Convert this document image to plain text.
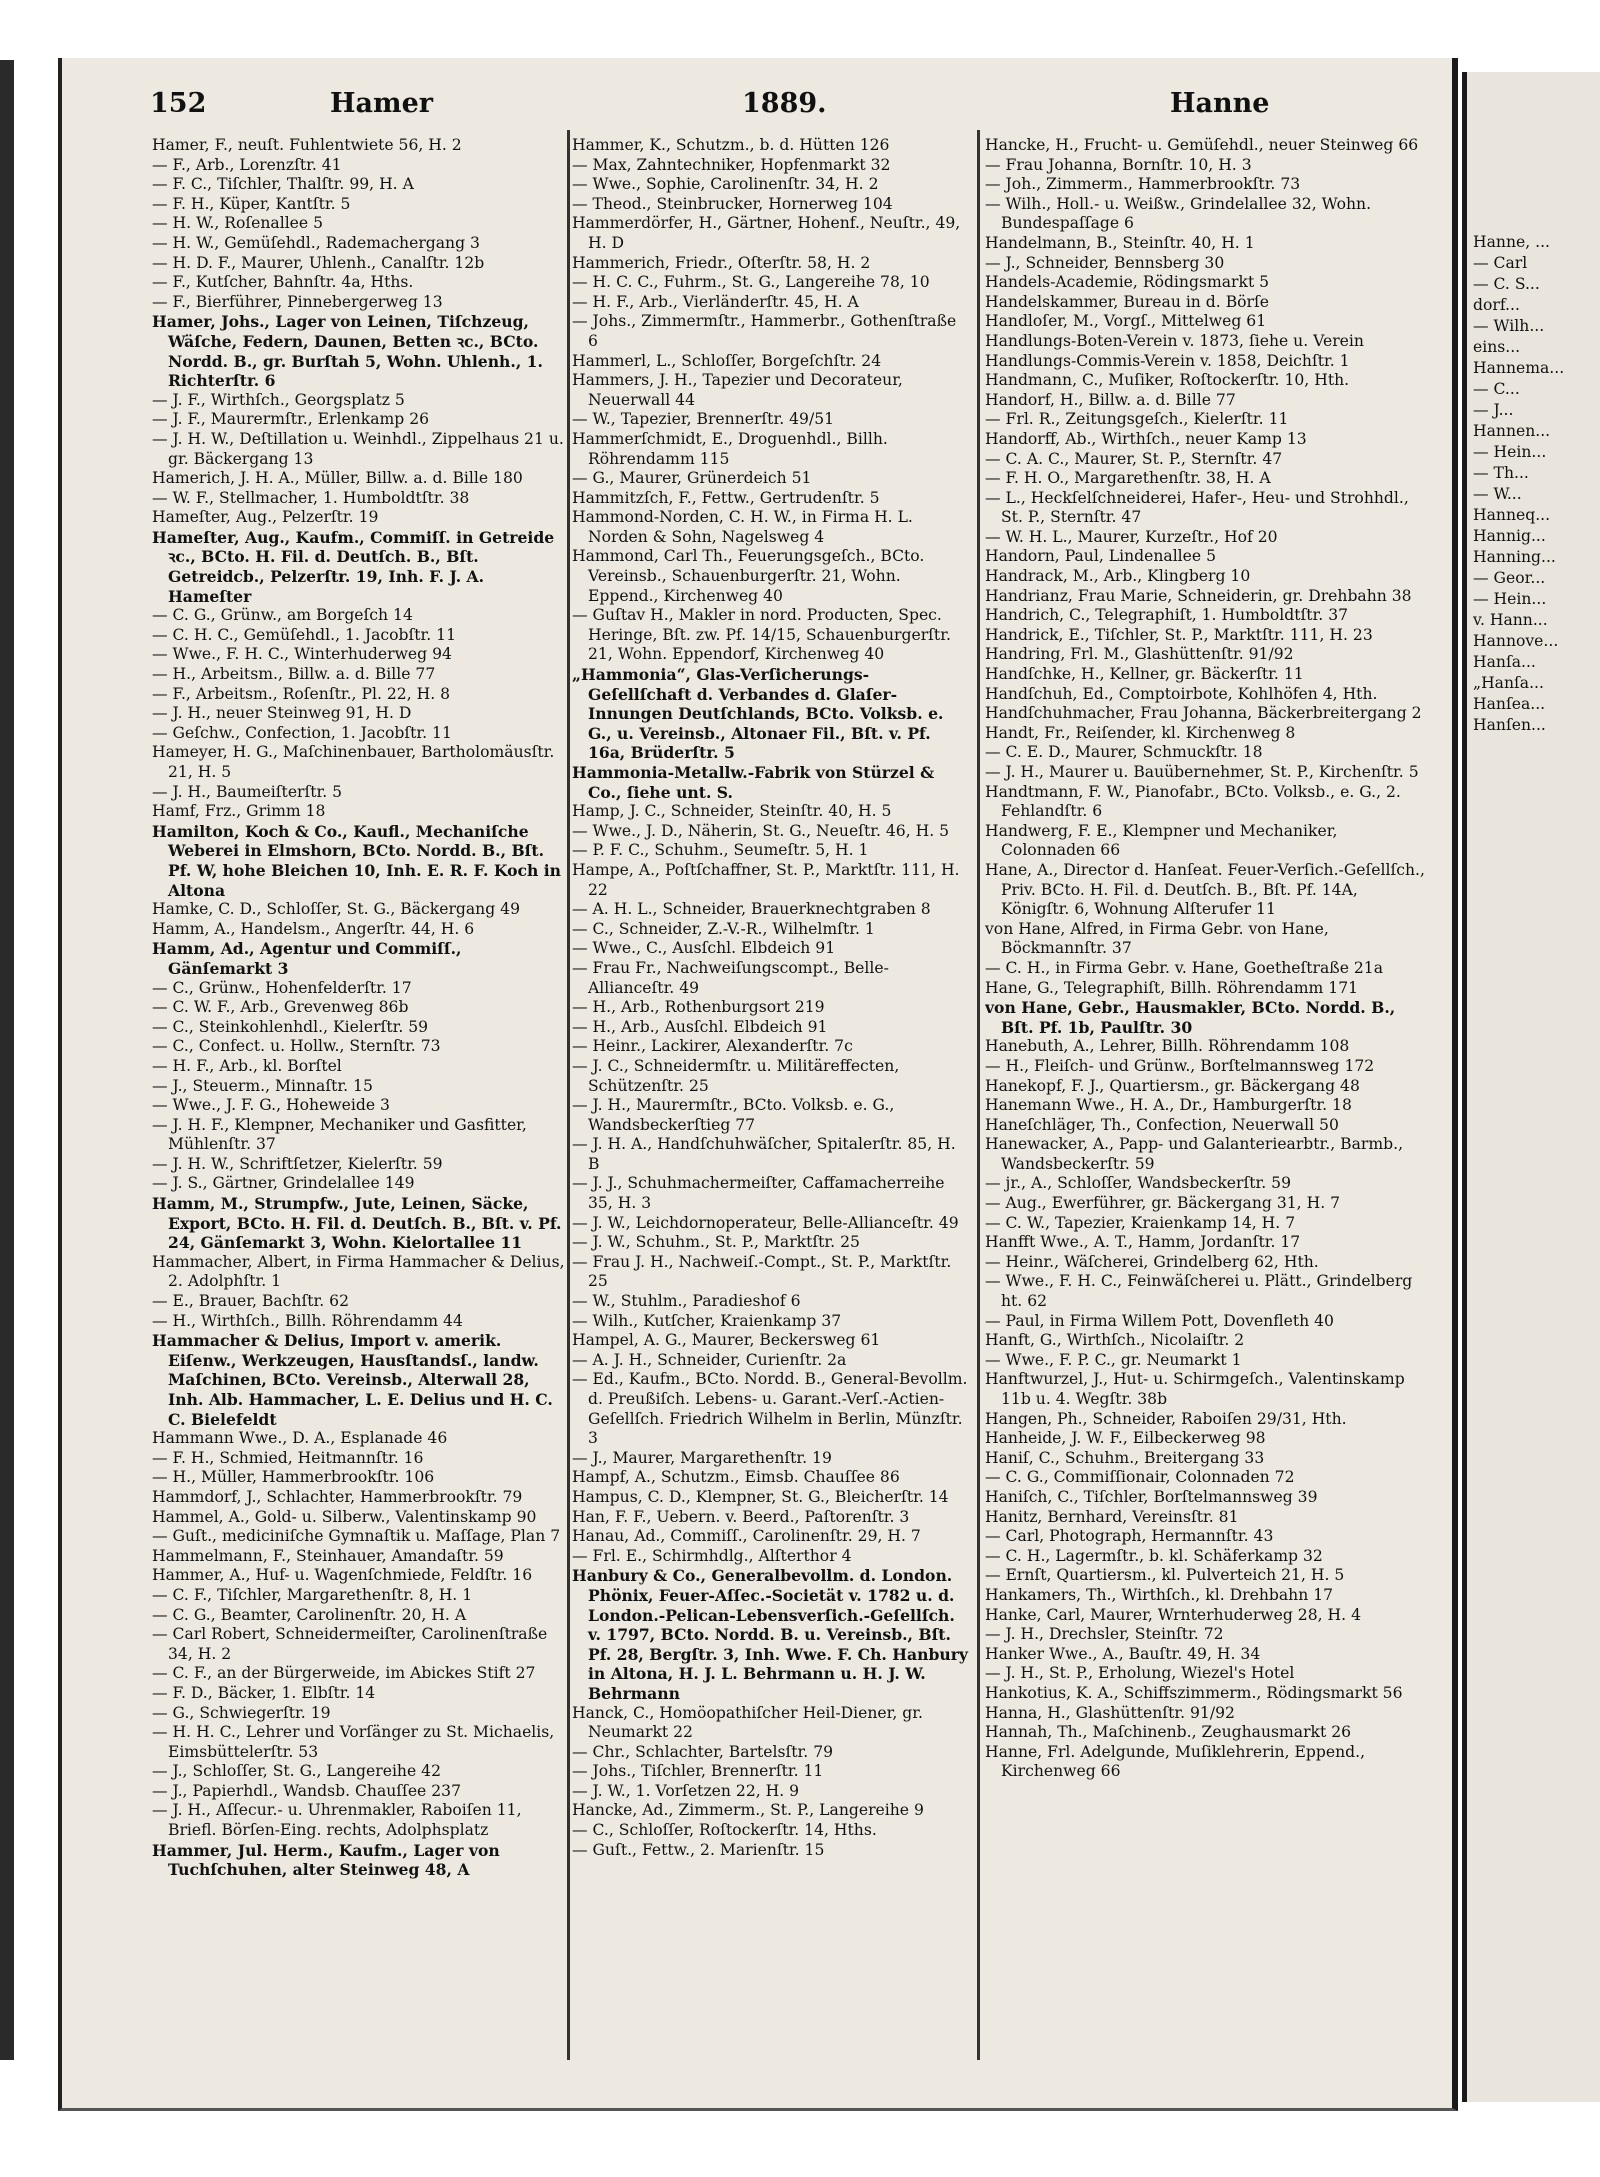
152	Hamer	1889.	Hanne

Hamer, F., neuſt. Fuhlentwiete 56, H. 2

— F., Arb., Lorenzſtr. 41

— F. C., Tiſchler, Thalſtr. 99, H. A

— F. H., Küper, Kantſtr. 5

— H. W., Roſenallee 5

— H. W., Gemüſehdl., Rademachergang 3

— H. D. F., Maurer, Uhlenh., Canalſtr. 12b

— F., Kutſcher, Bahnſtr. 4a, Hths.

— F., Bierführer, Pinnebergerweg 13

Hamer, Johs., Lager von Leinen, Tiſchzeug, Wäſche, Federn, Daunen, Betten ꝛc., BCto. Nordd. B., gr. Burſtah 5, Wohn. Uhlenh., 1. Richterſtr. 6

— J. F., Wirthſch., Georgsplatz 5

— J. F., Maurermſtr., Erlenkamp 26

— J. H. W., Deſtillation u. Weinhdl., Zippelhaus 21 u. gr. Bäckergang 13

Hamerich, J. H. A., Müller, Billw. a. d. Bille 180

— W. F., Stellmacher, 1. Humboldtſtr. 38

Hameſter, Aug., Pelzerſtr. 19

Hameſter, Aug., Kaufm., Commiſſ. in Getreide ꝛc., BCto. H. Fil. d. Deutſch. B., Bſt. Getreidcb., Pelzerſtr. 19, Inh. F. J. A. Hameſter

— C. G., Grünw., am Borgeſch 14

— C. H. C., Gemüſehdl., 1. Jacobſtr. 11

— Wwe., F. H. C., Winterhuderweg 94

— H., Arbeitsm., Billw. a. d. Bille 77

— F., Arbeitsm., Roſenſtr., Pl. 22, H. 8

— J. H., neuer Steinweg 91, H. D

— Geſchw., Confection, 1. Jacobſtr. 11

Hameyer, H. G., Maſchinenbauer, Bartholomäusſtr. 21, H. 5

— J. H., Baumeiſterſtr. 5

Hamf, Frz., Grimm 18

Hamilton, Koch & Co., Kaufl., Mechaniſche Weberei in Elmshorn, BCto. Nordd. B., Bſt. Pf. W, hohe Bleichen 10, Inh. E. R. F. Koch in Altona

Hamke, C. D., Schloſſer, St. G., Bäckergang 49

Hamm, A., Handelsm., Angerſtr. 44, H. 6

Hamm, Ad., Agentur und Commiſſ., Gänſemarkt 3

— C., Grünw., Hohenfelderſtr. 17

— C. W. F., Arb., Grevenweg 86b

— C., Steinkohlenhdl., Kielerſtr. 59

— C., Confect. u. Hollw., Sternſtr. 73

— H. F., Arb., kl. Borſtel

— J., Steuerm., Minnaſtr. 15

— Wwe., J. F. G., Hoheweide 3

— J. H. F., Klempner, Mechaniker und Gasfitter, Mühlenſtr. 37

— J. H. W., Schriftſetzer, Kielerſtr. 59

— J. S., Gärtner, Grindelallee 149

Hamm, M., Strumpfw., Jute, Leinen, Säcke, Export, BCto. H. Fil. d. Deutſch. B., Bſt. v. Pf. 24, Gänſemarkt 3, Wohn. Kielortallee 11

Hammacher, Albert, in Firma Hammacher & Delius, 2. Adolphſtr. 1

— E., Brauer, Bachſtr. 62

— H., Wirthſch., Billh. Röhrendamm 44

Hammacher & Delius, Import v. amerik. Eiſenw., Werkzeugen, Hausſtandsſ., landw. Maſchinen, BCto. Vereinsb., Alterwall 28, Inh. Alb. Hammacher, L. E. Delius und H. C. C. Bielefeldt

Hammann Wwe., D. A., Esplanade 46

— F. H., Schmied, Heitmannſtr. 16

— H., Müller, Hammerbrookſtr. 106

Hammdorf, J., Schlachter, Hammerbrookſtr. 79

Hammel, A., Gold- u. Silberw., Valentinskamp 90

— Guſt., mediciniſche Gymnaſtik u. Maſſage, Plan 7

Hammelmann, F., Steinhauer, Amandaſtr. 59

Hammer, A., Huf- u. Wagenſchmiede, Feldſtr. 16

— C. F., Tiſchler, Margarethenſtr. 8, H. 1

— C. G., Beamter, Carolinenſtr. 20, H. A

— Carl Robert, Schneidermeiſter, Carolinenſtraße 34, H. 2

— C. F., an der Bürgerweide, im Abickes Stift 27

— F. D., Bäcker, 1. Elbſtr. 14

— G., Schwiegerſtr. 19

— H. H. C., Lehrer und Vorſänger zu St. Michaelis, Eimsbüttelerſtr. 53

— J., Schloſſer, St. G., Langereihe 42

— J., Papierhdl., Wandsb. Chauſſee 237

— J. H., Aſſecur.- u. Uhrenmakler, Raboiſen 11, Briefl. Börſen-Eing. rechts, Adolphsplatz

Hammer, Jul. Herm., Kaufm., Lager von Tuchſchuhen, alter Steinweg 48, A

Hammer, K., Schutzm., b. d. Hütten 126

— Max, Zahntechniker, Hopfenmarkt 32

— Wwe., Sophie, Carolinenſtr. 34, H. 2

— Theod., Steinbrucker, Hornerweg 104

Hammerdörfer, H., Gärtner, Hohenf., Neuſtr., 49, H. D

Hammerich, Friedr., Oſterſtr. 58, H. 2

— H. C. C., Fuhrm., St. G., Langereihe 78, 10

— H. F., Arb., Vierländerſtr. 45, H. A

— Johs., Zimmermſtr., Hammerbr., Gothenſtraße 6

Hammerl, L., Schloſſer, Borgeſchſtr. 24

Hammers, J. H., Tapezier und Decorateur, Neuerwall 44

— W., Tapezier, Brennerſtr. 49/51

Hammerſchmidt, E., Droguenhdl., Billh. Röhrendamm 115

— G., Maurer, Grünerdeich 51

Hammitzſch, F., Fettw., Gertrudenſtr. 5

Hammond-Norden, C. H. W., in Firma H. L. Norden & Sohn, Nagelsweg 4

Hammond, Carl Th., Feuerungsgeſch., BCto. Vereinsb., Schauenburgerſtr. 21, Wohn. Eppend., Kirchenweg 40

— Guſtav H., Makler in nord. Producten, Spec. Heringe, Bſt. zw. Pf. 14/15, Schauenburgerſtr. 21, Wohn. Eppendorf, Kirchenweg 40

„Hammonia“, Glas-Verſicherungs-Geſellſchaft d. Verbandes d. Glaſer-Innungen Deutſchlands, BCto. Volksb. e. G., u. Vereinsb., Altonaer Fil., Bſt. v. Pf. 16a, Brüderſtr. 5

Hammonia-Metallw.-Fabrik von Stürzel & Co., ſiehe unt. S.

Hamp, J. C., Schneider, Steinſtr. 40, H. 5

— Wwe., J. D., Näherin, St. G., Neueſtr. 46, H. 5

— P. F. C., Schuhm., Seumeſtr. 5, H. 1

Hampe, A., Poſtſchaffner, St. P., Marktſtr. 111, H. 22

— A. H. L., Schneider, Brauerknechtgraben 8

— C., Schneider, Z.-V.-R., Wilhelmſtr. 1

— Wwe., C., Ausſchl. Elbdeich 91

— Frau Fr., Nachweiſungscompt., Belle-Allianceſtr. 49

— H., Arb., Rothenburgsort 219

— H., Arb., Ausſchl. Elbdeich 91

— Heinr., Lackirer, Alexanderſtr. 7c

— J. C., Schneidermſtr. u. Militäreffecten, Schützenſtr. 25

— J. H., Maurermſtr., BCto. Volksb. e. G., Wandsbeckerſtieg 77

— J. H. A., Handſchuhwäſcher, Spitalerſtr. 85, H. B

— J. J., Schuhmachermeiſter, Caffamacherreihe 35, H. 3

— J. W., Leichdornoperateur, Belle-Allianceſtr. 49

— J. W., Schuhm., St. P., Marktſtr. 25

— Frau J. H., Nachweiſ.-Compt., St. P., Marktſtr. 25

— W., Stuhlm., Paradieshof 6

— Wilh., Kutſcher, Kraienkamp 37

Hampel, A. G., Maurer, Beckersweg 61

— A. J. H., Schneider, Curienſtr. 2a

— Ed., Kaufm., BCto. Nordd. B., General-Bevollm. d. Preußiſch. Lebens- u. Garant.-Verſ.-Actien-Geſellſch. Friedrich Wilhelm in Berlin, Münzſtr. 3

— J., Maurer, Margarethenſtr. 19

Hampf, A., Schutzm., Eimsb. Chauſſee 86

Hampus, C. D., Klempner, St. G., Bleicherſtr. 14

Han, F. F., Uebern. v. Beerd., Paſtorenſtr. 3

Hanau, Ad., Commiſſ., Carolinenſtr. 29, H. 7

— Frl. E., Schirmhdlg., Alſterthor 4

Hanbury & Co., Generalbevollm. d. London. Phönix, Feuer-Aſſec.-Societät v. 1782 u. d. London.-Pelican-Lebensverſich.-Geſellſch. v. 1797, BCto. Nordd. B. u. Vereinsb., Bſt. Pf. 28, Bergſtr. 3, Inh. Wwe. F. Ch. Hanbury in Altona, H. J. L. Behrmann u. H. J. W. Behrmann

Hanck, C., Homöopathiſcher Heil-Diener, gr. Neumarkt 22

— Chr., Schlachter, Bartelsſtr. 79

— Johs., Tiſchler, Brennerſtr. 11

— J. W., 1. Vorſetzen 22, H. 9

Hancke, Ad., Zimmerm., St. P., Langereihe 9

— C., Schloſſer, Roſtockerſtr. 14, Hths.

— Guſt., Fettw., 2. Marienſtr. 15

Hancke, H., Frucht- u. Gemüſehdl., neuer Steinweg 66

— Frau Johanna, Bornſtr. 10, H. 3

— Joh., Zimmerm., Hammerbrookſtr. 73

— Wilh., Holl.- u. Weißw., Grindelallee 32, Wohn. Bundespaſſage 6

Handelmann, B., Steinſtr. 40, H. 1

— J., Schneider, Bennsberg 30

Handels-Academie, Rödingsmarkt 5

Handelskammer, Bureau in d. Börſe

Handloſer, M., Vorgſ., Mittelweg 61

Handlungs-Boten-Verein v. 1873, ſiehe u. Verein

Handlungs-Commis-Verein v. 1858, Deichſtr. 1

Handmann, C., Muſiker, Roſtockerſtr. 10, Hth.

Handorf, H., Billw. a. d. Bille 77

— Frl. R., Zeitungsgeſch., Kielerſtr. 11

Handorff, Ab., Wirthſch., neuer Kamp 13

— C. A. C., Maurer, St. P., Sternſtr. 47

— F. H. O., Margarethenſtr. 38, H. A

— L., Heckſelſchneiderei, Hafer-, Heu- und Strohhdl., St. P., Sternſtr. 47

— W. H. L., Maurer, Kurzeſtr., Hof 20

Handorn, Paul, Lindenallee 5

Handrack, M., Arb., Klingberg 10

Handrianz, Frau Marie, Schneiderin, gr. Drehbahn 38

Handrich, C., Telegraphiſt, 1. Humboldtſtr. 37

Handrick, E., Tiſchler, St. P., Marktſtr. 111, H. 23

Handring, Frl. M., Glashüttenſtr. 91/92

Handſchke, H., Kellner, gr. Bäckerſtr. 11

Handſchuh, Ed., Comptoirbote, Kohlhöfen 4, Hth.

Handſchuhmacher, Frau Johanna, Bäckerbreitergang 2

Handt, Fr., Reiſender, kl. Kirchenweg 8

— C. E. D., Maurer, Schmuckſtr. 18

— J. H., Maurer u. Bauübernehmer, St. P., Kirchenſtr. 5

Handtmann, F. W., Pianofabr., BCto. Volksb., e. G., 2. Fehlandſtr. 6

Handwerg, F. E., Klempner und Mechaniker, Colonnaden 66

Hane, A., Director d. Hanſeat. Feuer-Verſich.-Geſellſch., Priv. BCto. H. Fil. d. Deutſch. B., Bſt. Pf. 14A, Königſtr. 6, Wohnung Alſterufer 11

von Hane, Alfred, in Firma Gebr. von Hane, Böckmannſtr. 37

— C. H., in Firma Gebr. v. Hane, Goetheſtraße 21a

Hane, G., Telegraphiſt, Billh. Röhrendamm 171

von Hane, Gebr., Hausmakler, BCto. Nordd. B., Bſt. Pf. 1b, Paulſtr. 30

Hanebuth, A., Lehrer, Billh. Röhrendamm 108

— H., Fleiſch- und Grünw., Borſtelmannsweg 172

Hanekopf, F. J., Quartiersm., gr. Bäckergang 48

Hanemann Wwe., H. A., Dr., Hamburgerſtr. 18

Haneſchläger, Th., Confection, Neuerwall 50

Hanewacker, A., Papp- und Galanteriearbtr., Barmb., Wandsbeckerſtr. 59

— jr., A., Schloſſer, Wandsbeckerſtr. 59

— Aug., Ewerführer, gr. Bäckergang 31, H. 7

— C. W., Tapezier, Kraienkamp 14, H. 7

Hanfft Wwe., A. T., Hamm, Jordanſtr. 17

— Heinr., Wäſcherei, Grindelberg 62, Hth.

— Wwe., F. H. C., Feinwäſcherei u. Plätt., Grindelberg ht. 62

— Paul, in Firma Willem Pott, Dovenfleth 40

Hanft, G., Wirthſch., Nicolaiſtr. 2

— Wwe., F. P. C., gr. Neumarkt 1

Hanftwurzel, J., Hut- u. Schirmgeſch., Valentinskamp 11b u. 4. Wegſtr. 38b

Hangen, Ph., Schneider, Raboiſen 29/31, Hth.

Hanheide, J. W. F., Eilbeckerweg 98

Haniſ, C., Schuhm., Breitergang 33

— C. G., Commiſſionair, Colonnaden 72

Haniſch, C., Tiſchler, Borſtelmannsweg 39

Hanitz, Bernhard, Vereinsſtr. 81

— Carl, Photograph, Hermannſtr. 43

— C. H., Lagermſtr., b. kl. Schäferkamp 32

— Ernſt, Quartiersm., kl. Pulverteich 21, H. 5

Hankamers, Th., Wirthſch., kl. Drehbahn 17

Hanke, Carl, Maurer, Wrnterhuderweg 28, H. 4

— J. H., Drechsler, Steinſtr. 72

Hanker Wwe., A., Bauſtr. 49, H. 34

— J. H., St. P., Erholung, Wiezel's Hotel

Hankotius, K. A., Schiffszimmerm., Rödingsmarkt 56

Hanna, H., Glashüttenſtr. 91/92

Hannah, Th., Maſchinenb., Zeughausmarkt 26

Hanne, Frl. Adelgunde, Muſiklehrerin, Eppend., Kirchenweg 66

Hanne, ...
— Carl
— C. S...
dorf...
— Wilh...
eins...
Hannema...
— C...
— J...
Hannen...
— Hein...
— Th...
— W...
Hanneq...
Hannig...
Hanning...
— Geor...
— Hein...
v. Hann...
Hannove...
Hanſa...
„Hanſa...
Hanſea...
Hanſen...
